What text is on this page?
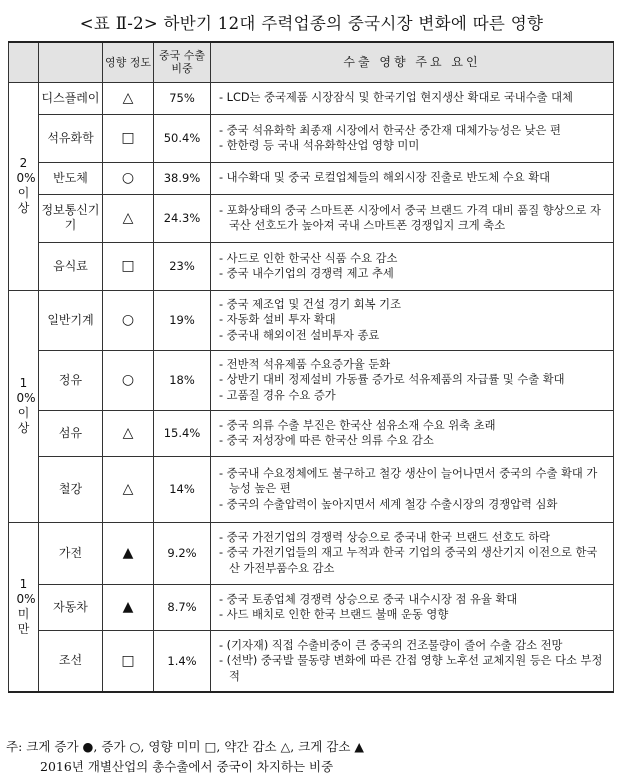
<표 Ⅱ-2> 하반기 12대 주력업종의 중국시장 변화에 따른 영향
		영향 정도	중국 수출비중	수출 영향 주요 요인
20%이상	디스플레이	△	75%	- LCD는 중국제품 시장잠식 및 한국기업 현지생산 확대로 국내수출 대체

	석유화학	□	50.4%	- 중국 석유화학 최종재 시장에서 한국산 중간재 대체가능성은 낮은 편
- 한한령 등 국내 석유화학산업 영향 미미

	반도체	○	38.9%	- 내수확대 및 중국 로컬업체들의 해외시장 진출로 반도체 수요 확대

	정보통신기기	△	24.3%	- 포화상태의 중국 스마트폰 시장에서 중국 브랜드 가격 대비 품질 향상으로 자국산 선호도가 높아져 국내 스마트폰 경쟁입지 크게 축소

	음식료	□	23%	- 사드로 인한 한국산 식품 수요 감소
- 중국 내수기업의 경쟁력 제고 추세

10%이상	일반기계	○	19%	- 중국 제조업 및 건설 경기 회복 기조
- 자동화 설비 투자 확대
- 중국내 해외이전 설비투자 종료

	정유	○	18%	- 전반적 석유제품 수요증가율 둔화
- 상반기 대비 정제설비 가동률 증가로 석유제품의 자급률 및 수출 확대
- 고품질 경유 수요 증가

	섬유	△	15.4%	- 중국 의류 수출 부진은 한국산 섬유소재 수요 위축 초래
- 중국 저성장에 따른 한국산 의류 수요 감소

	철강	△	14%	- 중국내 수요정체에도 불구하고 철강 생산이 늘어나면서 중국의 수출 확대 가능성 높은 편
- 중국의 수출압력이 높아지면서 세계 철강 수출시장의 경쟁압력 심화

10%미만	가전	▲	9.2%	- 중국 가전기업의 경쟁력 상승으로 중국내 한국 브랜드 선호도 하락
- 중국 가전기업들의 재고 누적과 한국 기업의 중국외 생산기지 이전으로 한국산 가전부품수요 감소

	자동차	▲	8.7%	- 중국 토종업체 경쟁력 상승으로 중국 내수시장 점 유율 확대
- 사드 배치로 인한 한국 브랜드 불매 운동 영향

	조선	□	1.4%	- (기자재) 직접 수출비중이 큰 중국의 건조물량이 줄어 수출 감소 전망
- (선박) 중국발 물동량 변화에 따른 간접 영향 노후선 교체지원 등은 다소 부정적
주: 크게 증가 ●, 증가 ○, 영향 미미 □, 약간 감소 △, 크게 감소 ▲
2016년 개별산업의 총수출에서 중국이 차지하는 비중
